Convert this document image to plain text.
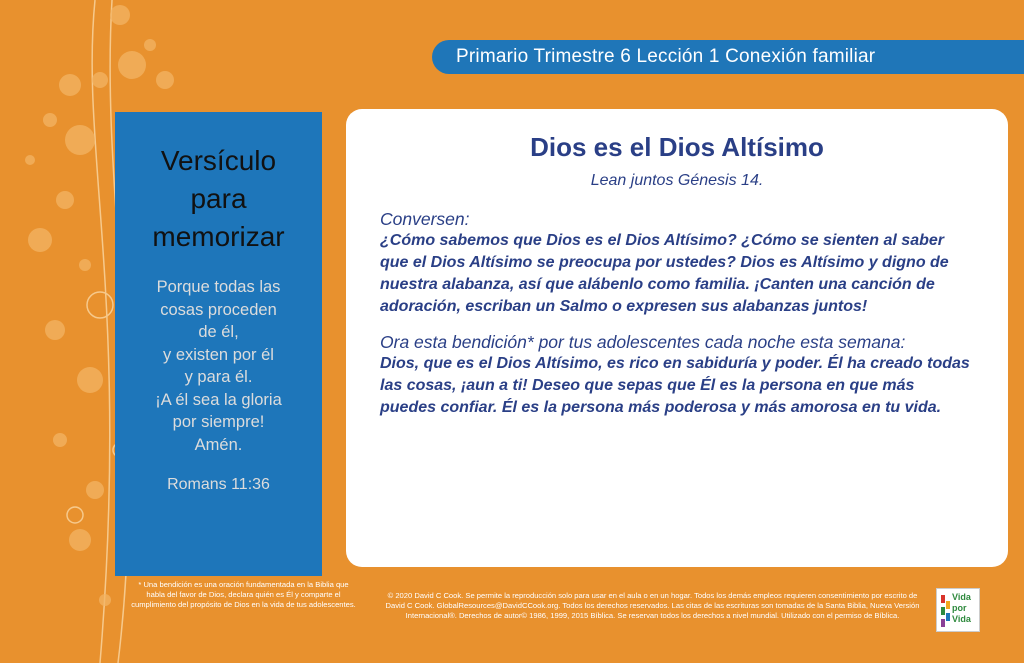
Primario Trimestre 6 Lección 1 Conexión familiar
Versículo
para
memorizar
Porque todas las
cosas proceden
de él,
y existen por él
y para él.
¡A él sea la gloria
por siempre!
Amén.
Romans 11:36
Dios es el Dios Altísimo
Lean juntos Génesis 14.
Conversen:
¿Cómo sabemos que Dios es el Dios Altísimo? ¿Cómo se sienten al saber que el Dios Altísimo se preocupa por ustedes? Dios es Altísimo y digno de nuestra alabanza, así que alábenlo como familia. ¡Canten una canción de adoración, escriban un Salmo o expresen sus alabanzas juntos!
Ora esta bendición* por tus adolescentes cada noche esta semana:
Dios, que es el Dios Altísimo, es rico en sabiduría y poder. Él ha creado todas las cosas, ¡aun a ti! Deseo que sepas que Él es la persona en que más puedes confiar. Él es la persona más poderosa y más amorosa en tu vida.
* Una bendición es una oración fundamentada en la Biblia que habla del favor de Dios, declara quién es Él y comparte el cumplimiento del propósito de Dios en la vida de tus adolescentes.
© 2020 David C Cook. Se permite la reproducción solo para usar en el aula o en un hogar. Todos los demás empleos requieren consentimiento por escrito de David C Cook. GlobalResources@DavidCCook.org. Todos los derechos reservados. Las citas de las escrituras son tomadas de la Santa Biblia, Nueva Versión Internacional®. Derechos de autor© 1986, 1999, 2015 Bíblica. Se reservan todos los derechos a nivel mundial. Utilizado con el permiso de Bíblica.
Vida
por
Vida
